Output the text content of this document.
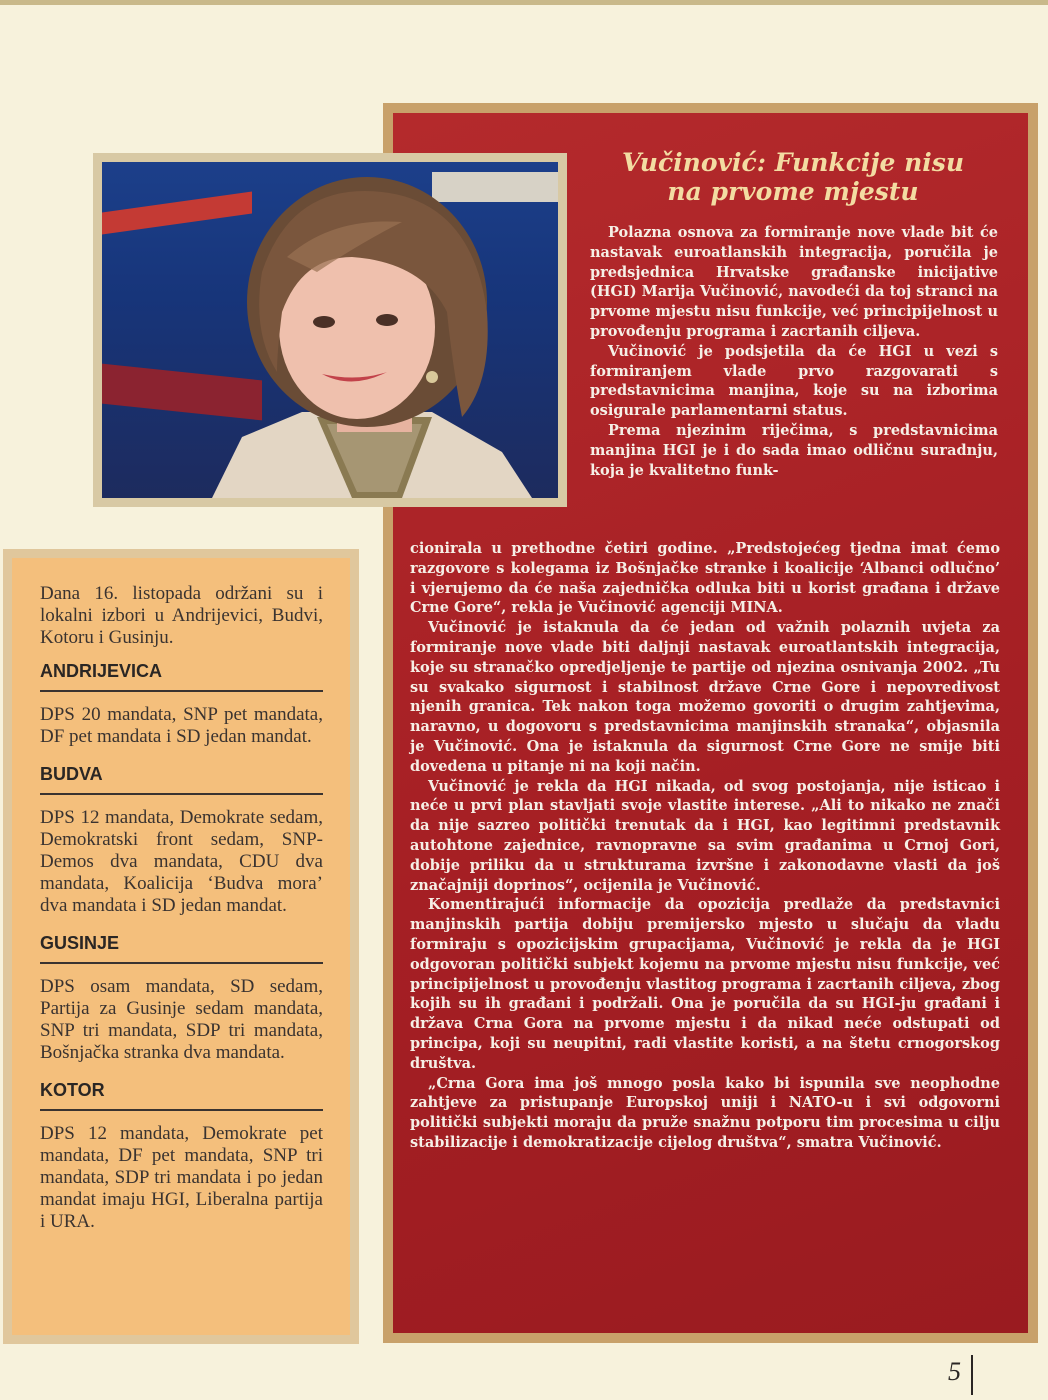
Vučinović: Funkcije nisu
na prvome mjestu

Polazna osnova za formiranje nove vlade bit će nastavak euroatlanskih integracija, poručila je predsjednica Hrvatske građanske inicijative (HGI) Marija Vučinović, navodeći da toj stranci na prvome mjestu nisu funkcije, već principijelnost u provođenju programa i zacrtanih ciljeva.

Vučinović je podsjetila da će HGI u vezi s formiranjem vlade prvo razgovarati s predstavnicima manjina, koje su na izborima osigurale parlamentarni status.

Prema njezinim riječima, s predstavnicima manjina HGI je i do sada imao odličnu suradnju, koja je kvalitetno funk-

cionirala u prethodne četiri godine. „Predstojećeg tjedna imat ćemo razgovore s kolegama iz Bošnjačke stranke i koalicije ‘Albanci odlučno’ i vjerujemo da će naša zajednička odluka biti u korist građana i države Crne Gore“, rekla je Vučinović agenciji MINA.

Vučinović je istaknula da će jedan od važnih polaznih uvjeta za formiranje nove vlade biti daljnji nastavak euroatlantskih integracija, koje su stranačko opredjeljenje te partije od njezina osnivanja 2002. „Tu su svakako sigurnost i stabilnost države Crne Gore i nepovredivost njenih granica. Tek nakon toga možemo govoriti o drugim zahtjevima, naravno, u dogovoru s predstavnicima manjinskih stranaka“, objasnila je Vučinović. Ona je istaknula da sigurnost Crne Gore ne smije biti dovedena u pitanje ni na koji način.

Vučinović je rekla da HGI nikada, od svog postojanja, nije isticao i neće u prvi plan stavljati svoje vlastite interese. „Ali to nikako ne znači da nije sazreo politički trenutak da i HGI, kao legitimni predstavnik autohtone zajednice, ravnopravne sa svim građanima u Crnoj Gori, dobije priliku da u strukturama izvršne i zakonodavne vlasti da još značajniji doprinos“, ocijenila je Vučinović.

Komentirajući informacije da opozicija predlaže da predstavnici manjinskih partija dobiju premijersko mjesto u slučaju da vladu formiraju s opozicijskim grupacijama, Vučinović je rekla da je HGI odgovoran politički subjekt kojemu na prvome mjestu nisu funkcije, već principijelnost u provođenju vlastitog programa i zacrtanih ciljeva, zbog kojih su ih građani i podržali. Ona je poručila da su HGI-ju građani i država Crna Gora na prvome mjestu i da nikad neće odstupati od principa, koji su neupitni, radi vlastite koristi, a na štetu crnogorskog društva.

„Crna Gora ima još mnogo posla kako bi ispunila sve neophodne zahtjeve za pristupanje Europskoj uniji i NATO-u i svi odgovorni politički subjekti moraju da pruže snažnu potporu tim procesima u cilju stabilizacije i demokratizacije cijelog društva“, smatra Vučinović.

Dana 16. listopada održani su i lokalni izbori u Andrijevici, Budvi, Kotoru i Gusinju.

ANDRIJEVICA

DPS 20 mandata, SNP pet mandata, DF pet mandata i SD jedan mandat.

BUDVA

DPS 12 mandata, Demokrate sedam, Demokratski front sedam, SNP-Demos dva mandata, CDU dva mandata, Koalicija ‘Budva mora’ dva mandata i SD jedan mandat.

GUSINJE

DPS osam mandata, SD sedam, Partija za Gusinje sedam mandata, SNP tri mandata, SDP tri mandata, Bošnjačka stranka dva mandata.

KOTOR

DPS 12 mandata, Demokrate pet mandata, DF pet mandata, SNP tri mandata, SDP tri mandata i po jedan mandat imaju HGI, Liberalna partija i URA.

5
